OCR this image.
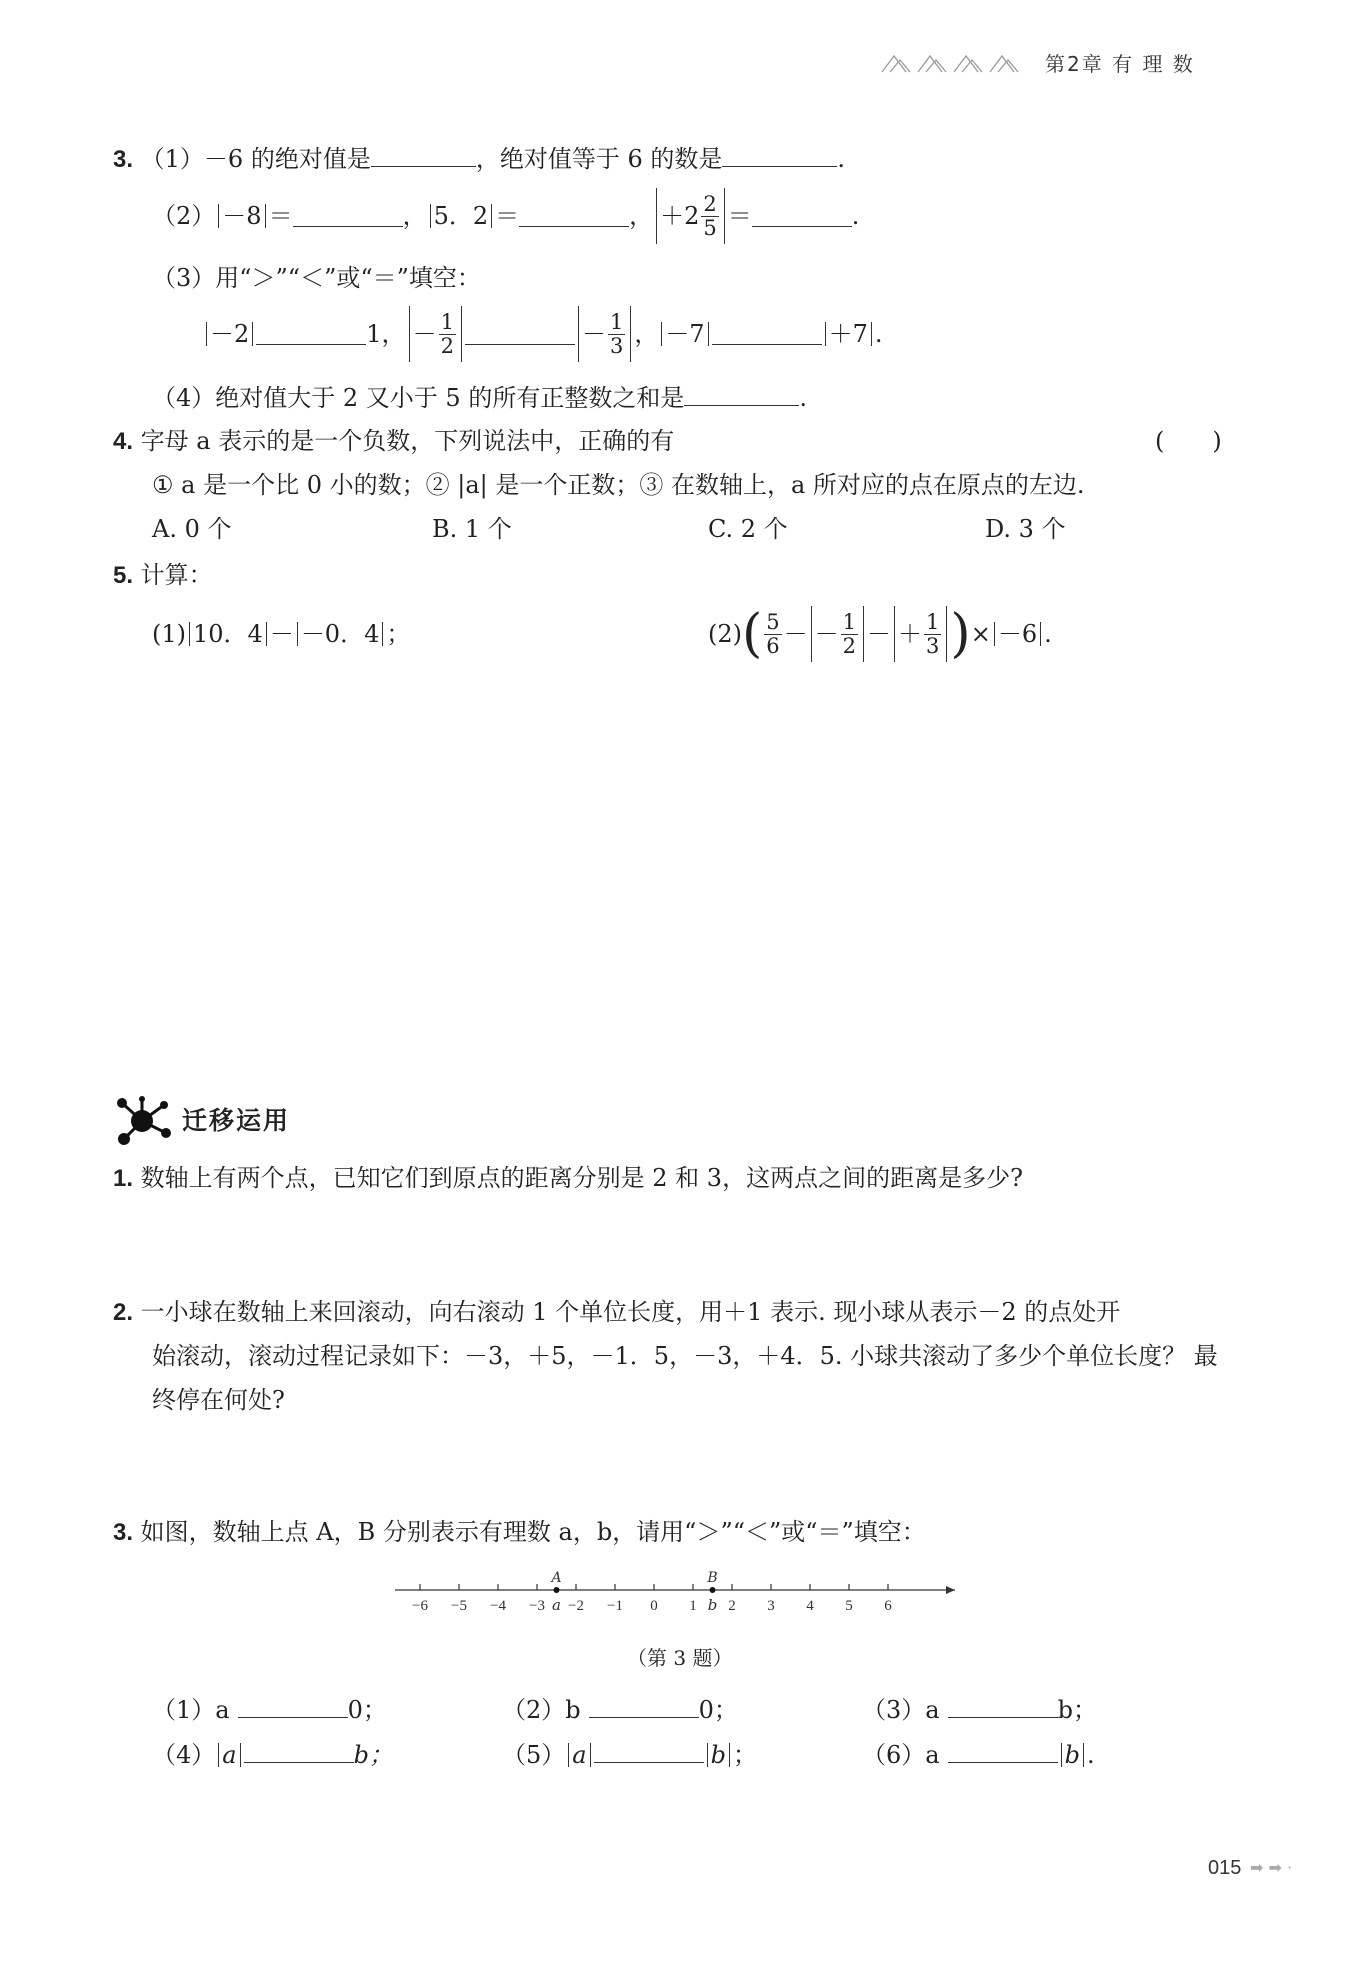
第2章 有 理 数
3. （1）－6 的绝对值是	，绝对值等于 6 的数是	.
（2） －8 ＝	， 5．2 ＝	， $+2 \frac{2}{5}$ ＝	.
（3）用“＞”“＜”或“＝”填空：
－2	1， － $\frac{1}{2}$	－ $\frac{1}{3}$ ， －7	＋7 .
（4）绝对值大于 2 又小于 5 的所有正整数之和是	.
4. 字母 a 表示的是一个负数，下列说法中，正确的有	(　　)
① a 是一个比 0 小的数；② |a| 是一个正数；③ 在数轴上，a 所对应的点在原点的左边.
A. 0 个	B. 1 个	C. 2 个	D. 3 个
5. 计算：
(1) 10．4 － －0．4 ；	(2) ( $\frac{5}{6}$ － － $\frac{1}{2}$ － ＋ $\frac{1}{3}$ ) × －6 .
迁移运用
1. 数轴上有两个点，已知它们到原点的距离分别是 2 和 3，这两点之间的距离是多少?
2. 一小球在数轴上来回滚动，向右滚动 1 个单位长度，用＋1 表示. 现小球从表示－2 的点处开
始滚动，滚动过程记录如下：－3，＋5，－1．5，－3，＋4．5. 小球共滚动了多少个单位长度？ 最
终停在何处?
3. 如图，数轴上点 A，B 分别表示有理数 a，b，请用“＞”“＜”或“＝”填空：
−6 −5 −4 −3 −2 −1 0 1 2 3 4 5 6
A
a
B
b
（第 3 题）
（1）a	0；	（2）b	0；	（3）a	b；
（4） a	b；	（5） a	b ；	（6）a	b .
015 ➡ ➡ ·
